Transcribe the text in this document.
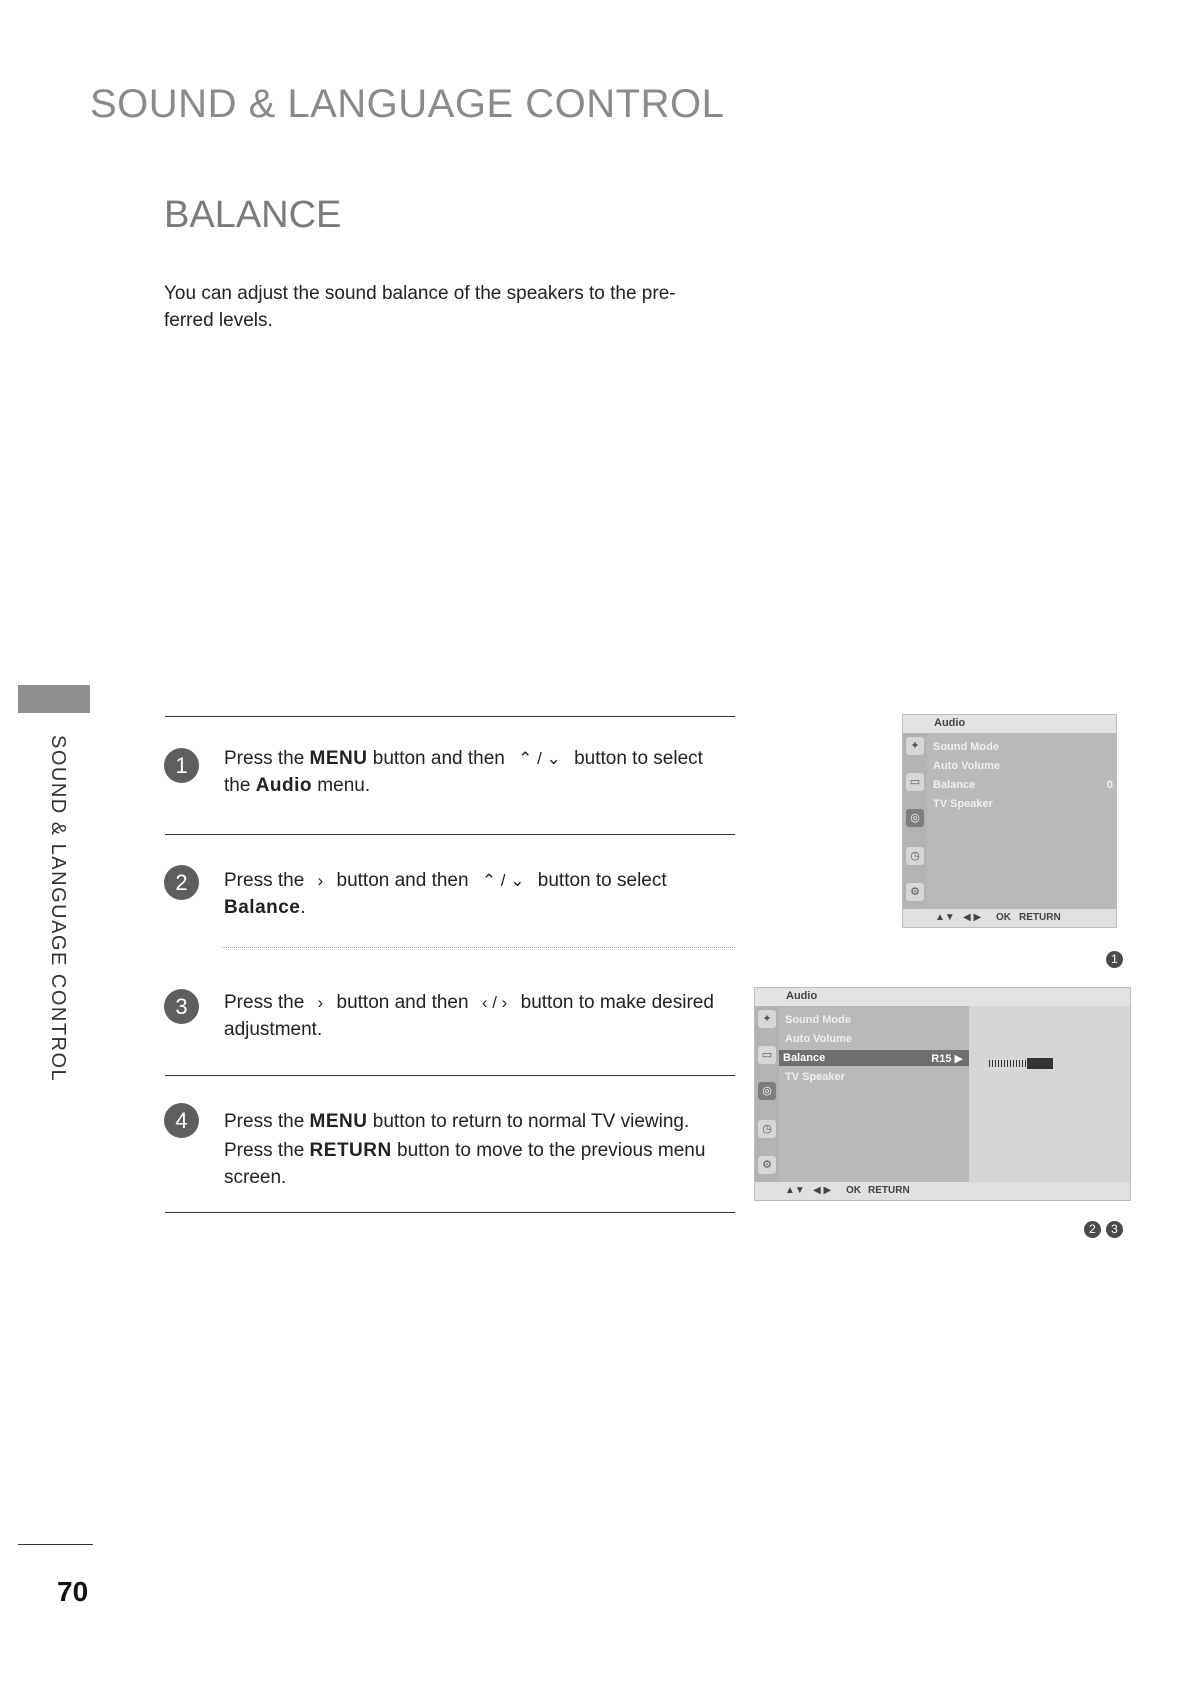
SOUND & LANGUAGE CONTROL
BALANCE
You can adjust the sound balance of the speakers to the pre-ferred levels.
SOUND & LANGUAGE CONTROL	1	Press the MENU button and then ⌃ / ⌄ button to select the Audio menu.
2	Press the › button and then ⌃ / ⌄ button to select Balance.
3	Press the › button and then ‹ / › button to make desired adjustment.
4	Press the MENU button to return to normal TV viewing.
Press the RETURN button to move to the previous menu screen.
Audio
✦
▭
◎
◷
⚙
Sound Mode
Auto Volume
Balance	0
TV Speaker
▲▼ ◀ ▶ OK RETURN
1
Audio
✦
▭
◎
◷
⚙
Sound Mode
Auto Volume
Balance	R15 ▶
TV Speaker
▲▼ ◀ ▶ OK RETURN
2	3
70
